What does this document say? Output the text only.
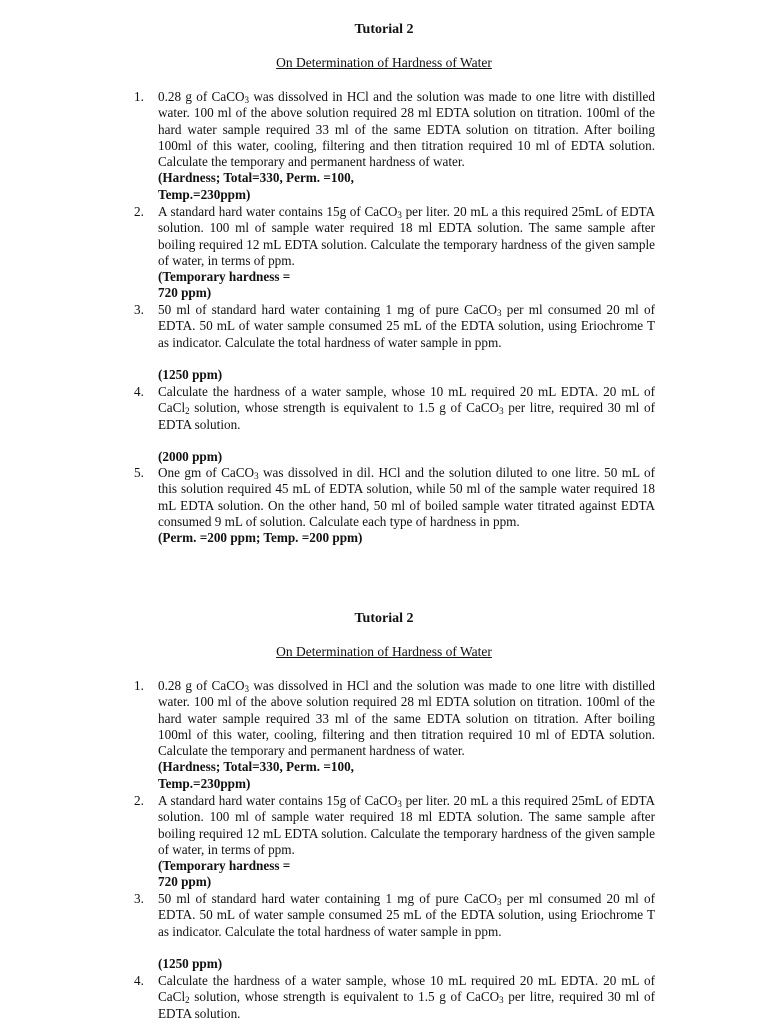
Tutorial 2
On Determination of Hardness of Water
1.	0.28 g of CaCO$_3$ was dissolved in HCl and the solution was made to one litre with distilled water. 100 ml of the above solution required 28 ml EDTA solution on titration. 100ml of the hard water sample required 33 ml of the same EDTA solution on titration. After boiling 100ml of this water, cooling, filtering and then titration required 10 ml of EDTA solution. Calculate the temporary and permanent hardness of water.
(Hardness; Total=330, Perm. =100,
Temp.=230ppm)
2.	A standard hard water contains 15g of CaCO$_3$ per liter. 20 mL a this required 25mL of EDTA solution. 100 ml of sample water required 18 ml EDTA solution. The same sample after boiling required 12 mL EDTA solution. Calculate the temporary hardness of the given sample of water, in terms of ppm.
(Temporary hardness =
720 ppm)
3.	50 ml of standard hard water containing 1 mg of pure CaCO$_3$ per ml consumed 20 ml of EDTA. 50 mL of water sample consumed 25 mL of the EDTA solution, using Eriochrome T as indicator. Calculate the total hardness of water sample in ppm.
(1250 ppm)
4.	Calculate the hardness of a water sample, whose 10 mL required 20 mL EDTA. 20 mL of CaCl$_2$ solution, whose strength is equivalent to 1.5 g of CaCO$_3$ per litre, required 30 ml of EDTA solution.
(2000 ppm)
5.	One gm of CaCO$_3$ was dissolved in dil. HCl and the solution diluted to one litre. 50 mL of this solution required 45 mL of EDTA solution, while 50 ml of the sample water required 18 mL EDTA solution. On the other hand, 50 ml of boiled sample water titrated against EDTA consumed 9 mL of solution. Calculate each type of hardness in ppm.
(Perm. =200 ppm; Temp. =200 ppm)
Tutorial 2
On Determination of Hardness of Water
1.	0.28 g of CaCO$_3$ was dissolved in HCl and the solution was made to one litre with distilled water. 100 ml of the above solution required 28 ml EDTA solution on titration. 100ml of the hard water sample required 33 ml of the same EDTA solution on titration. After boiling 100ml of this water, cooling, filtering and then titration required 10 ml of EDTA solution. Calculate the temporary and permanent hardness of water.
(Hardness; Total=330, Perm. =100,
Temp.=230ppm)
2.	A standard hard water contains 15g of CaCO$_3$ per liter. 20 mL a this required 25mL of EDTA solution. 100 ml of sample water required 18 ml EDTA solution. The same sample after boiling required 12 mL EDTA solution. Calculate the temporary hardness of the given sample of water, in terms of ppm.
(Temporary hardness =
720 ppm)
3.	50 ml of standard hard water containing 1 mg of pure CaCO$_3$ per ml consumed 20 ml of EDTA. 50 mL of water sample consumed 25 mL of the EDTA solution, using Eriochrome T as indicator. Calculate the total hardness of water sample in ppm.
(1250 ppm)
4.	Calculate the hardness of a water sample, whose 10 mL required 20 mL EDTA. 20 mL of CaCl$_2$ solution, whose strength is equivalent to 1.5 g of CaCO$_3$ per litre, required 30 ml of EDTA solution.
